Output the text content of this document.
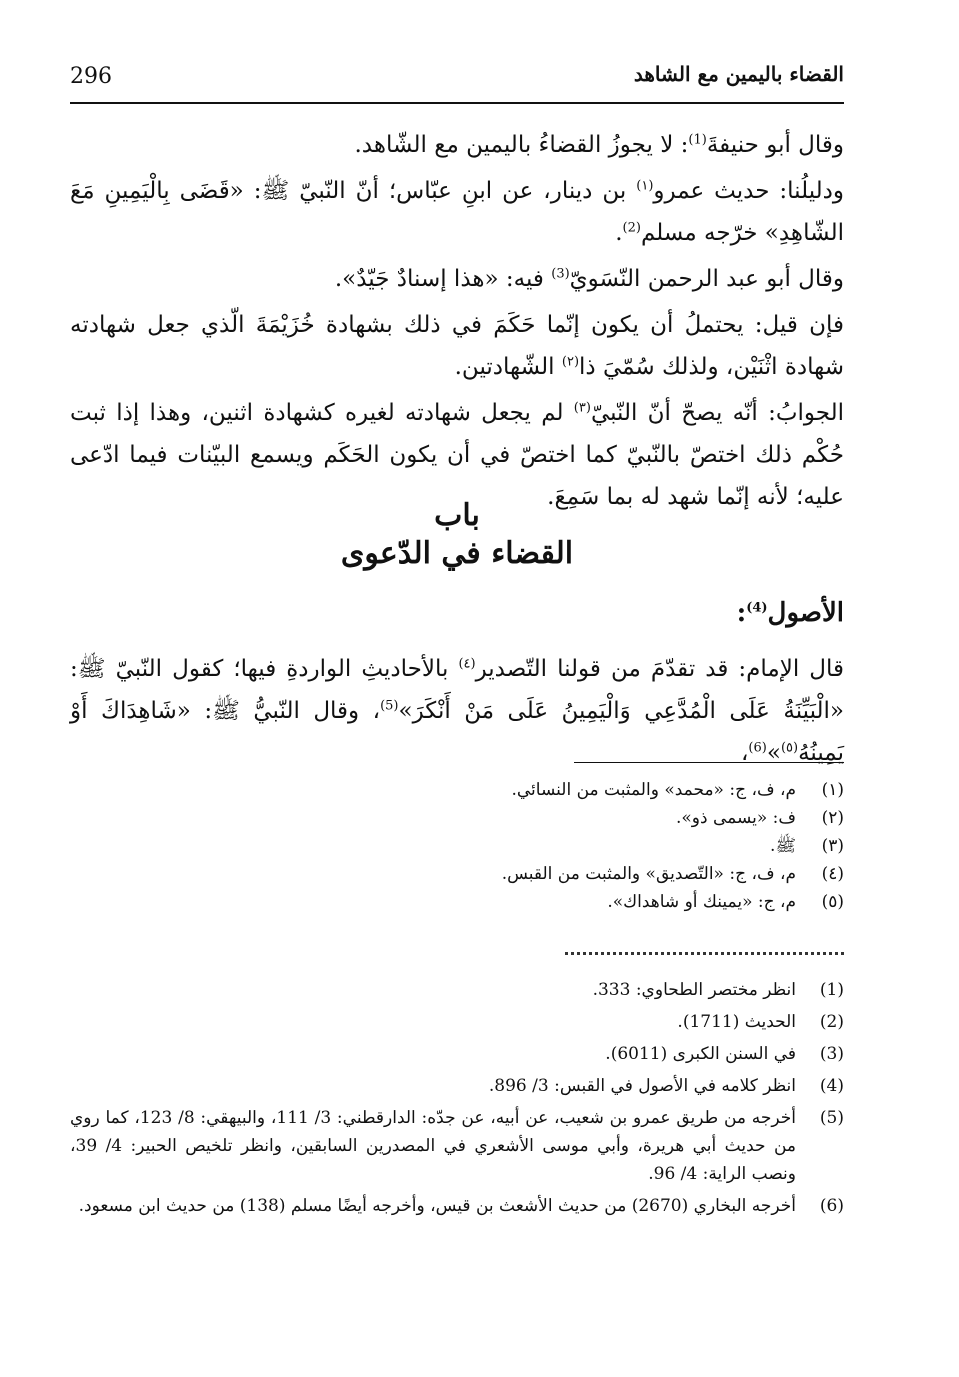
296	القضاء باليمين مع الشاهد

وقال أبو حنيفةَ$^{(1)}$: لا يجوزُ القضاءُ باليمين مع الشّاهد.

ودليلُنا: حديث عمرو$^{(١)}$ بن دينار، عن ابنِ عبّاس؛ أنّ النّبيّ ﷺ: «قَضَى بِالْيَمِينِ مَعَ الشّاهِدِ» خرّجه مسلم$^{(2)}$.

وقال أبو عبد الرحمن النّسَويّ$^{(3)}$ فيه: «هذا إسنادٌ جَيّدٌ».

فإن قيل: يحتملُ أن يكون إنّما حَكَمَ في ذلك بشهادة خُزَيْمَةَ الّذي جعل شهادته شهادة اثْنَيْن، ولذلك سُمّيَ ذا$^{(٢)}$ الشّهادتين.

الجوابُ: أنّه يصحّ أنّ النّبيّ$^{(٣)}$ لم يجعل شهادته لغيره كشهادة اثنين، وهذا إذا ثبت حُكْم ذلك اختصّ بالنّبيّ كما اختصّ في أن يكون الحَكَم ويسمع البيّنات فيما ادّعى عليه؛ لأنه إنّما شهد له بما سَمِعَ.

باب
القضاء في الدّعوى
الأصول$^{(4)}$:

قال الإمام: قد تقدّمَ من قولنا التّصدير$^{(٤)}$ بالأحاديثِ الواردةِ فيها؛ كقول النّبيّ ﷺ: «الْبَيِّنَةُ عَلَى الْمُدَّعِي وَالْيَمِينُ عَلَى مَنْ أَنْكَرَ»$^{(5)}$، وقال النّبيُّ ﷺ: «شَاهِدَاكَ أَوْ يَمِينُهُ$^{(٥)}$»$^{(6)}$،

(١)
م، ف، ج: «محمد» والمثبت من النسائي.
(٢)
ف: «يسمى ذو».
(٣)
ﷺ.
(٤)
م، ف، ج: «التّصديق» والمثبت من القبس.
(٥)
م، ج: «يمينك أو شاهداك».
(1)
انظر مختصر الطحاوي: 333.
(2)
الحديث (1711).
(3)
في السنن الكبرى (6011).
(4)
انظر كلامه في الأصول في القبس: 3/ 896.
(5)
أخرجه من طريق عمرو بن شعيب، عن أبيه، عن جدّه: الدارقطني: 3/ 111، والبيهقي: 8/ 123، كما روي من حديث أبي هريرة، وأبي موسى الأشعري في المصدرين السابقين، وانظر تلخيص الحبير: 4/ 39، ونصب الراية: 4/ 96.
(6)
أخرجه البخاري (2670) من حديث الأشعث بن قيس، وأخرجه أيضًا مسلم (138) من حديث ابن مسعود.
